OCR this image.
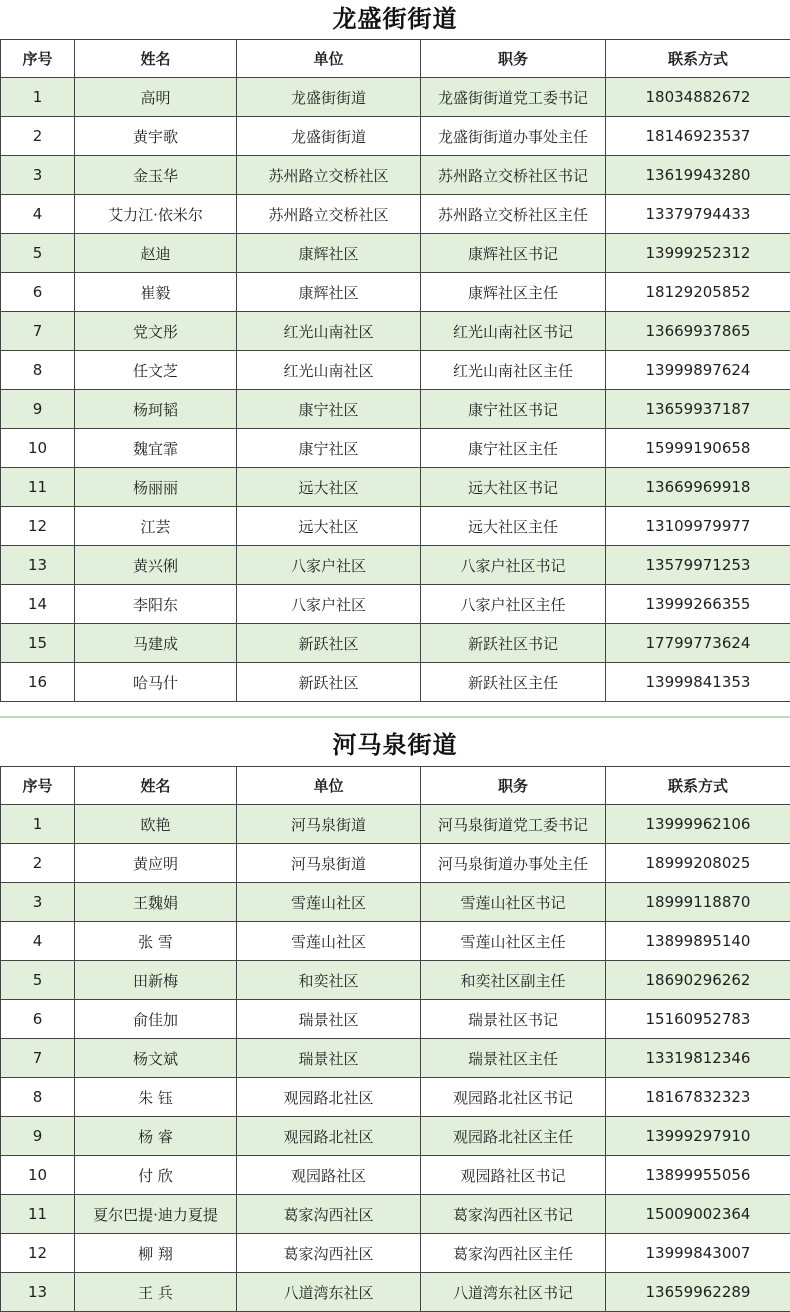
龙盛街街道
序号	姓名	单位	职务	联系方式
1	高明	龙盛街街道	龙盛街街道党工委书记	18034882672
2	黄宇歌	龙盛街街道	龙盛街街道办事处主任	18146923537
3	金玉华	苏州路立交桥社区	苏州路立交桥社区书记	13619943280
4	艾力江·依米尔	苏州路立交桥社区	苏州路立交桥社区主任	13379794433
5	赵迪	康辉社区	康辉社区书记	13999252312
6	崔毅	康辉社区	康辉社区主任	18129205852
7	党文彤	红光山南社区	红光山南社区书记	13669937865
8	任文芝	红光山南社区	红光山南社区主任	13999897624
9	杨珂韬	康宁社区	康宁社区书记	13659937187
10	魏宜霏	康宁社区	康宁社区主任	15999190658
11	杨丽丽	远大社区	远大社区书记	13669969918
12	江芸	远大社区	远大社区主任	13109979977
13	黄兴俐	八家户社区	八家户社区书记	13579971253
14	李阳东	八家户社区	八家户社区主任	13999266355
15	马建成	新跃社区	新跃社区书记	17799773624
16	哈马什	新跃社区	新跃社区主任	13999841353
河马泉街道
序号	姓名	单位	职务	联系方式
1	欧艳	河马泉街道	河马泉街道党工委书记	13999962106
2	黄应明	河马泉街道	河马泉街道办事处主任	18999208025
3	王魏娟	雪莲山社区	雪莲山社区书记	18999118870
4	张 雪	雪莲山社区	雪莲山社区主任	13899895140
5	田新梅	和奕社区	和奕社区副主任	18690296262
6	俞佳加	瑞景社区	瑞景社区书记	15160952783
7	杨文斌	瑞景社区	瑞景社区主任	13319812346
8	朱 钰	观园路北社区	观园路北社区书记	18167832323
9	杨 睿	观园路北社区	观园路北社区主任	13999297910
10	付 欣	观园路社区	观园路社区书记	13899955056
11	夏尔巴提·迪力夏提	葛家沟西社区	葛家沟西社区书记	15009002364
12	柳 翔	葛家沟西社区	葛家沟西社区主任	13999843007
13	王 兵	八道湾东社区	八道湾东社区书记	13659962289
